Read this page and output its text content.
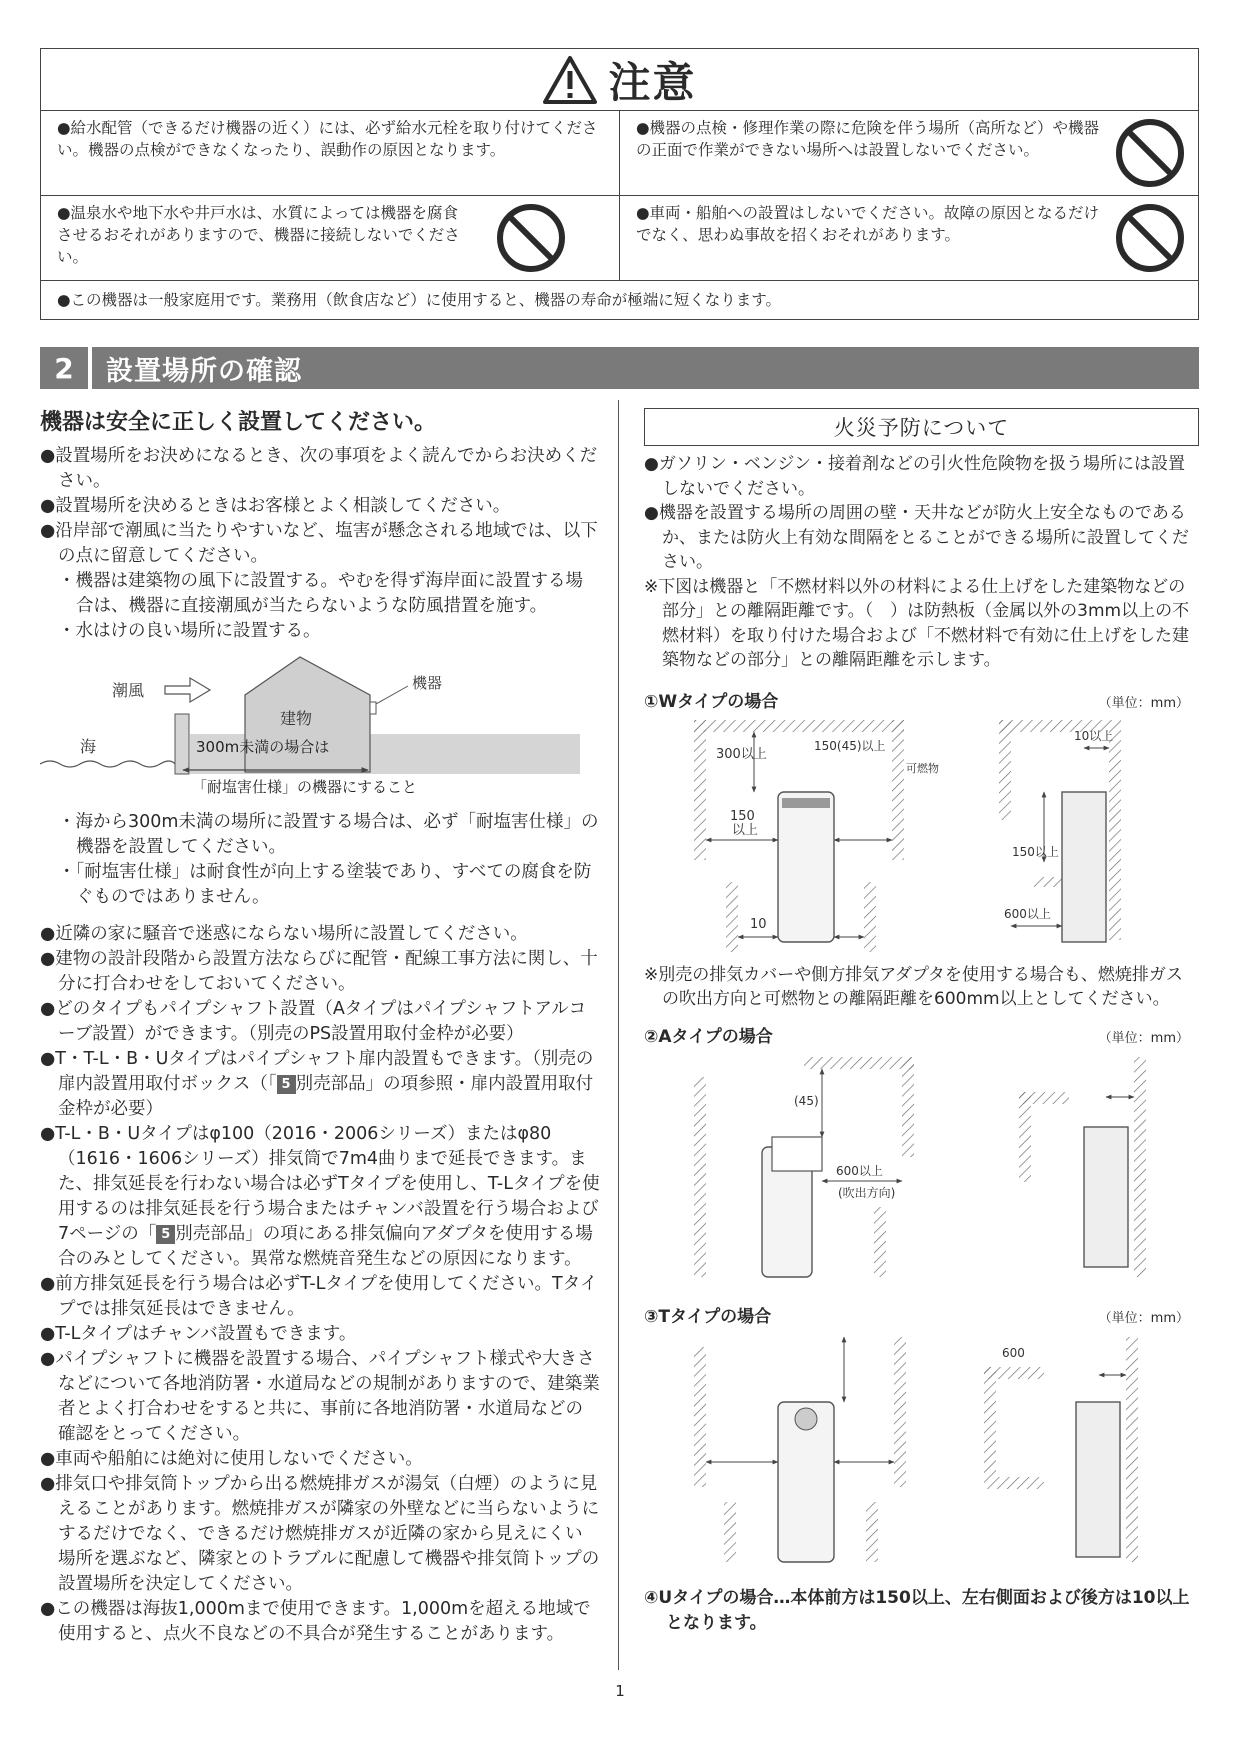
注意
●給水配管（できるだけ機器の近く）には、必ず給水元栓を取り付けてください。機器の点検ができなくなったり、誤動作の原因となります。
●機器の点検・修理作業の際に危険を伴う場所（高所など）や機器の正面で作業ができない場所へは設置しないでください。
●温泉水や地下水や井戸水は、水質によっては機器を腐食させるおそれがありますので、機器に接続しないでください。
●車両・船舶への設置はしないでください。故障の原因となるだけでなく、思わぬ事故を招くおそれがあります。
●この機器は一般家庭用です。業務用（飲食店など）に使用すると、機器の寿命が極端に短くなります。
2	設置場所の確認
機器は安全に正しく設置してください。

●設置場所をお決めになるとき、次の事項をよく読んでからお決めください。

●設置場所を決めるときはお客様とよく相談してください。

●沿岸部で潮風に当たりやすいなど、塩害が懸念される地域では、以下の点に留意してください。

・機器は建築物の風下に設置する。やむを得ず海岸面に設置する場合は、機器に直接潮風が当たらないような防風措置を施す。

・水はけの良い場所に設置する。

潮風
海
建物
機器
300m未満の場合は
「耐塩害仕様」の機器にすること

・海から300m未満の場所に設置する場合は、必ず「耐塩害仕様」の機器を設置してください。

・「耐塩害仕様」は耐食性が向上する塗装であり、すべての腐食を防ぐものではありません。

●近隣の家に騒音で迷惑にならない場所に設置してください。

●建物の設計段階から設置方法ならびに配管・配線工事方法に関し、十分に打合わせをしておいてください。

●どのタイプもパイプシャフト設置（Aタイプはパイプシャフトアルコーブ設置）ができます。（別売のPS設置用取付金枠が必要）

●T・T-L・B・Uタイプはパイプシャフト扉内設置もできます。（別売の扉内設置用取付ボックス（「 5 別売部品」の項参照・扉内設置用取付金枠が必要）

●T-L・B・Uタイプはφ100（2016・2006シリーズ）またはφ80（1616・1606シリーズ）排気筒で7m4曲りまで延長できます。また、排気延長を行わない場合は必ずTタイプを使用し、T-Lタイプを使用するのは排気延長を行う場合またはチャンバ設置を行う場合および7ページの「 5 別売部品」の項にある排気偏向アダプタを使用する場合のみとしてください。異常な燃焼音発生などの原因になります。

●前方排気延長を行う場合は必ずT-Lタイプを使用してください。Tタイプでは排気延長はできません。

●T-Lタイプはチャンバ設置もできます。

●パイプシャフトに機器を設置する場合、パイプシャフト様式や大きさなどについて各地消防署・水道局などの規制がありますので、建築業者とよく打合わせをすると共に、事前に各地消防署・水道局などの確認をとってください。

●車両や船舶には絶対に使用しないでください。

●排気口や排気筒トップから出る燃焼排ガスが湯気（白煙）のように見えることがあります。燃焼排ガスが隣家の外壁などに当らないようにするだけでなく、できるだけ燃焼排ガスが近隣の家から見えにくい場所を選ぶなど、隣家とのトラブルに配慮して機器や排気筒トップの設置場所を決定してください。

●この機器は海抜1,000mまで使用できます。1,000mを超える地域で使用すると、点火不良などの不具合が発生することがあります。

火災予防について

●ガソリン・ベンジン・接着剤などの引火性危険物を扱う場所には設置しないでください。

●機器を設置する場所の周囲の壁・天井などが防火上安全なものであるか、または防火上有効な間隔をとることができる場所に設置してください。

※下図は機器と「不燃材料以外の材料による仕上げをした建築物などの部分」との離隔距離です。（　）は防熱板（金属以外の3mm以上の不燃材料）を取り付けた場合および「不燃材料で有効に仕上げをした建築物などの部分」との離隔距離を示します。

①Wタイプの場合	（単位：mm）
300以上
150(45)以上
150
以上
10
可燃物
10以上
150以上
600以上

※別売の排気カバーや側方排気アダプタを使用する場合も、燃焼排ガスの吹出方向と可燃物との離隔距離を600mm以上としてください。

②Aタイプの場合	（単位：mm）
(45)
600以上
(吹出方向)
③Tタイプの場合	（単位：mm）
600

④Uタイプの場合…本体前方は150以上、左右側面および後方は10以上となります。

1
